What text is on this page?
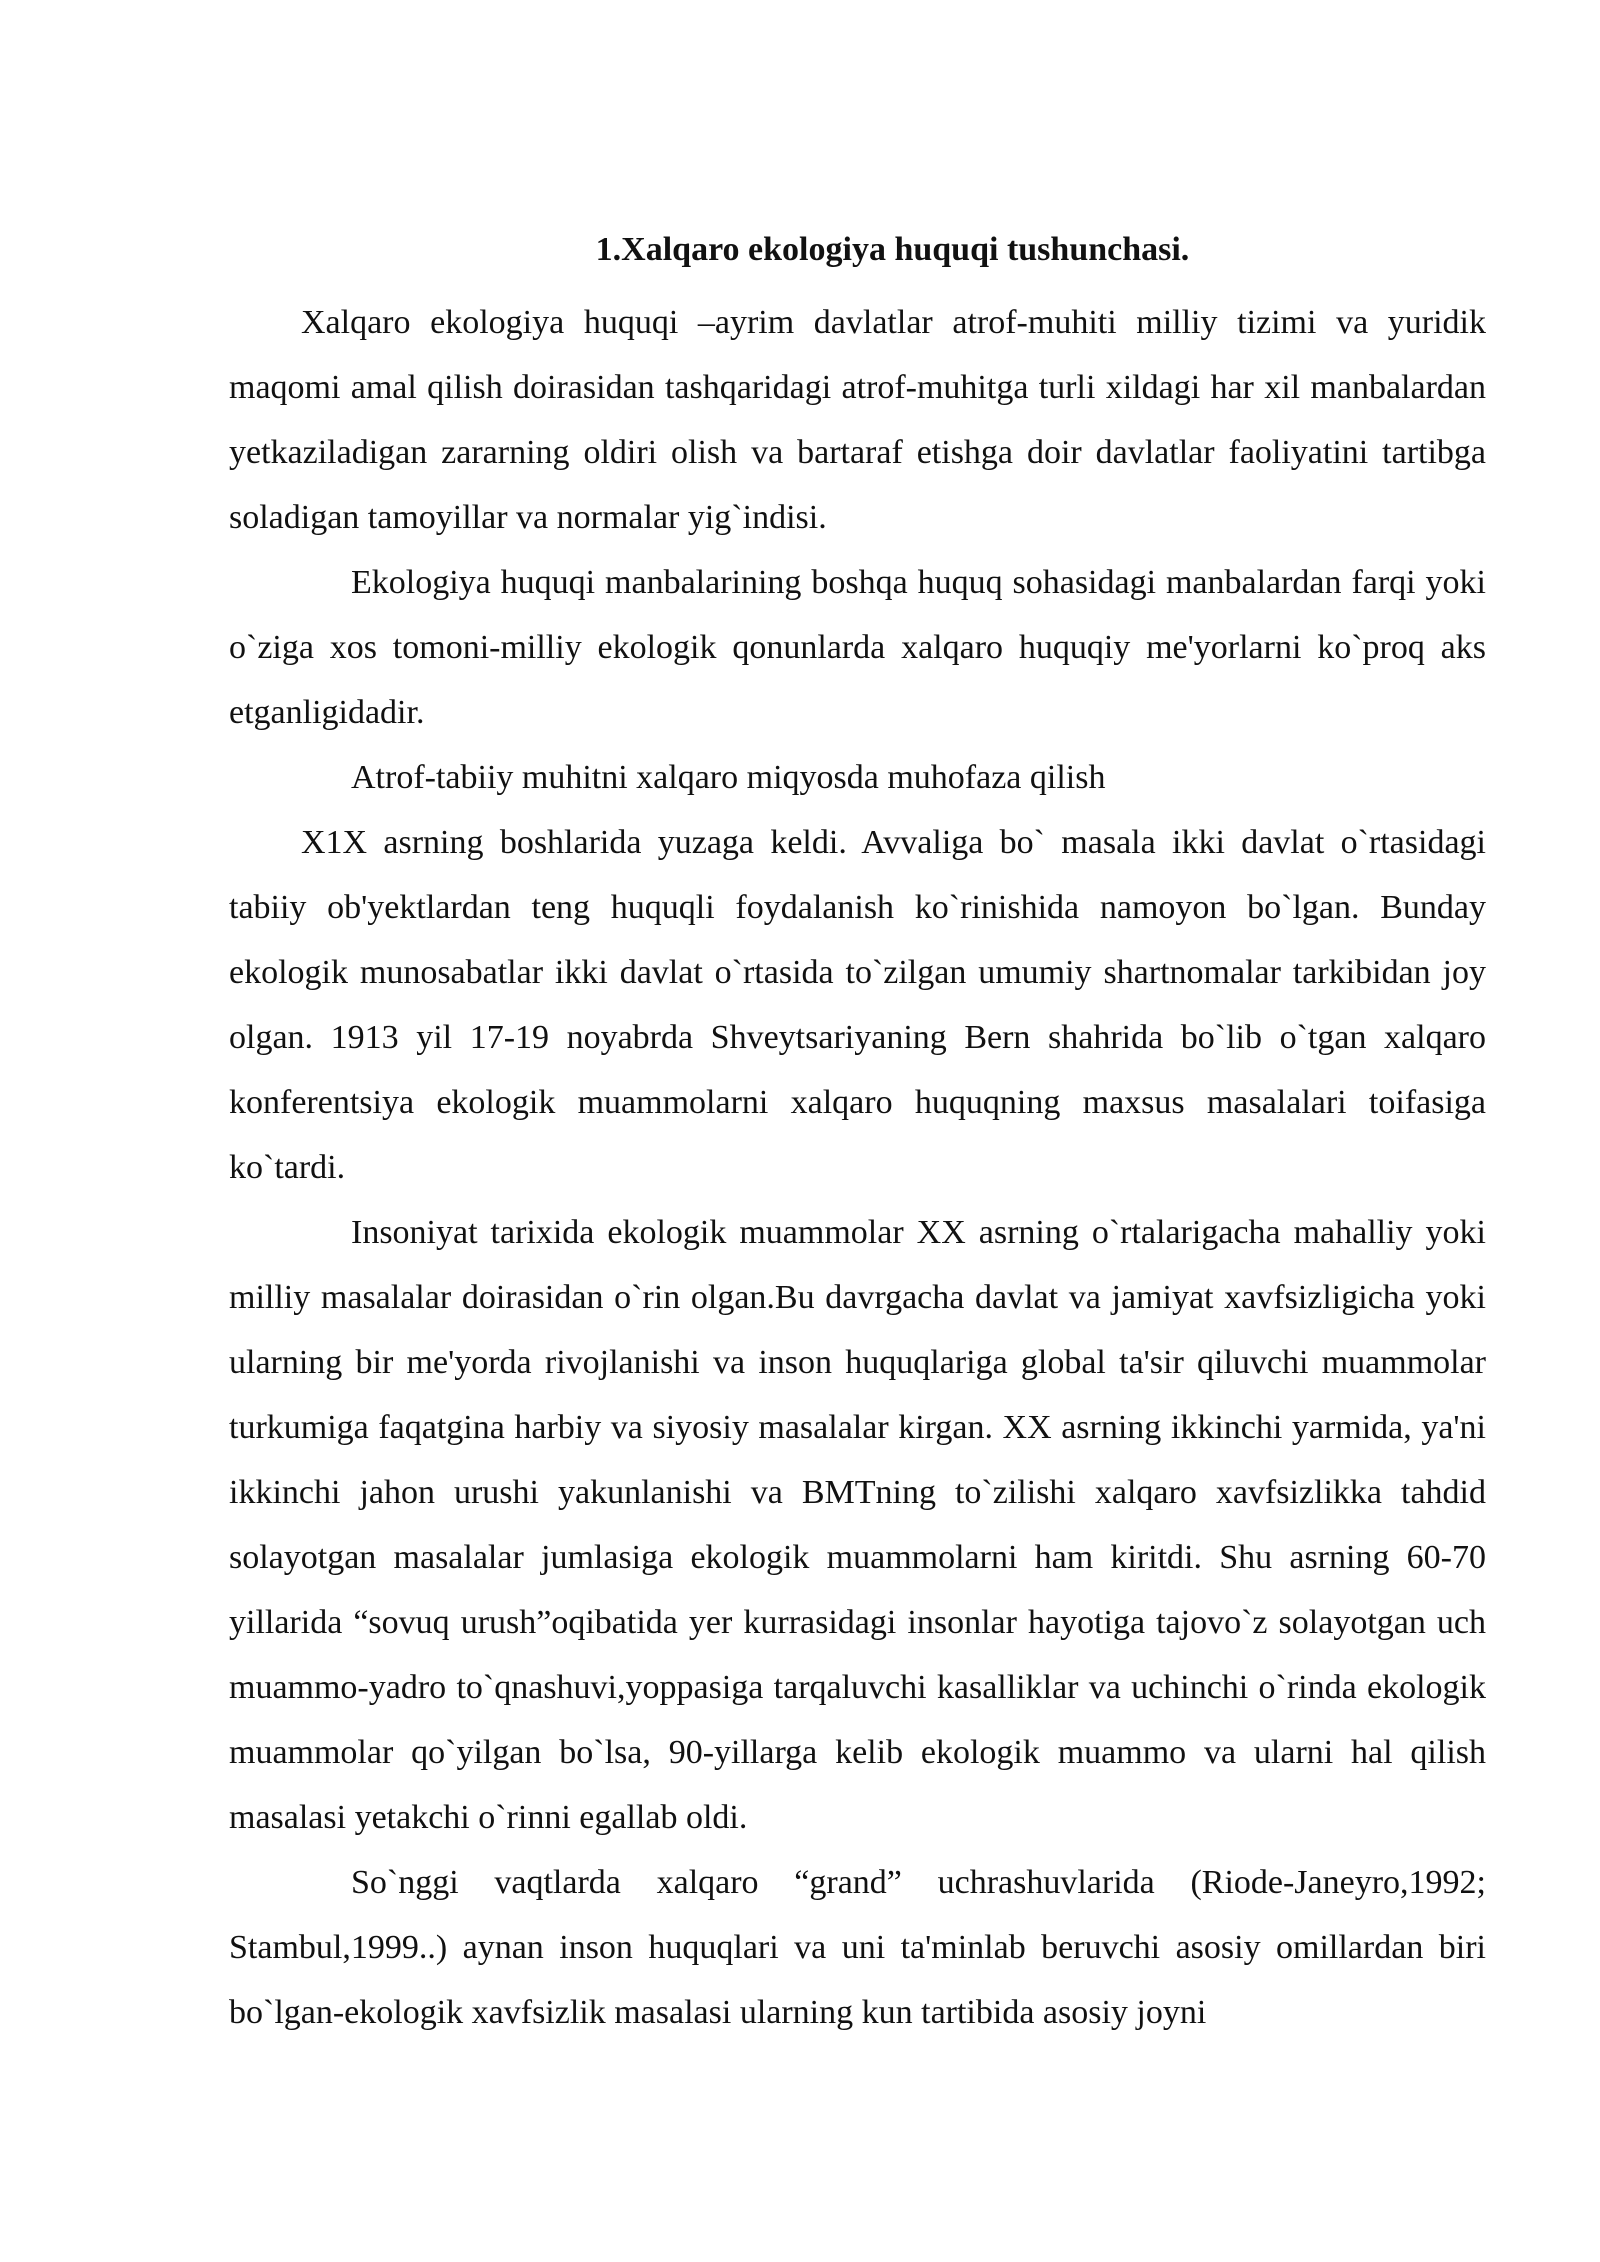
1.Xalqaro ekologiya huquqi tushunchasi.

Xalqaro ekologiya huquqi –ayrim davlatlar atrof-muhiti milliy tizimi va yuridik maqomi amal qilish doirasidan tashqaridagi atrof-muhitga turli xildagi har xil manbalardan yetkaziladigan zararning oldiri olish va bartaraf etishga doir davlatlar faoliyatini tartibga soladigan tamoyillar va normalar yig`indisi.

Ekologiya huquqi manbalarining boshqa huquq sohasidagi manbalardan farqi yoki o`ziga xos tomoni-milliy ekologik qonunlarda xalqaro huquqiy me'yorlarni ko`proq aks etganligidadir.

Atrof-tabiiy muhitni xalqaro miqyosda muhofaza qilish

X1X asrning boshlarida yuzaga keldi. Avvaliga bo` masala ikki davlat o`rtasidagi tabiiy ob'yektlardan teng huquqli foydalanish ko`rinishida namoyon bo`lgan. Bunday ekologik munosabatlar ikki davlat o`rtasida to`zilgan umumiy shartnomalar tarkibidan joy olgan. 1913 yil 17-19 noyabrda Shveytsariyaning Bern shahrida bo`lib o`tgan xalqaro konferentsiya ekologik muammolarni xalqaro huquqning maxsus masalalari toifasiga ko`tardi.

Insoniyat tarixida ekologik muammolar XX asrning o`rtalarigacha mahalliy yoki milliy masalalar doirasidan o`rin olgan.Bu davrgacha davlat va jamiyat xavfsizligicha yoki ularning bir me'yorda rivojlanishi va inson huquqlariga global ta'sir qiluvchi muammolar turkumiga faqatgina harbiy va siyosiy masalalar kirgan. XX asrning ikkinchi yarmida, ya'ni ikkinchi jahon urushi yakunlanishi va BMTning to`zilishi xalqaro xavfsizlikka tahdid solayotgan masalalar jumlasiga ekologik muammolarni ham kiritdi. Shu asrning 60-70 yillarida “sovuq urush”oqibatida yer kurrasidagi insonlar hayotiga tajovo`z solayotgan uch muammo-yadro to`qnashuvi,yoppasiga tarqaluvchi kasalliklar va uchinchi o`rinda ekologik muammolar qo`yilgan bo`lsa, 90-yillarga kelib ekologik muammo va ularni hal qilish masalasi yetakchi o`rinni egallab oldi.

So`nggi vaqtlarda xalqaro “grand” uchrashuvlarida (Riode-Janeyro,1992; Stambul,1999..) aynan inson huquqlari va uni ta'minlab beruvchi asosiy omillardan biri bo`lgan-ekologik xavfsizlik masalasi ularning kun tartibida asosiy joyni
